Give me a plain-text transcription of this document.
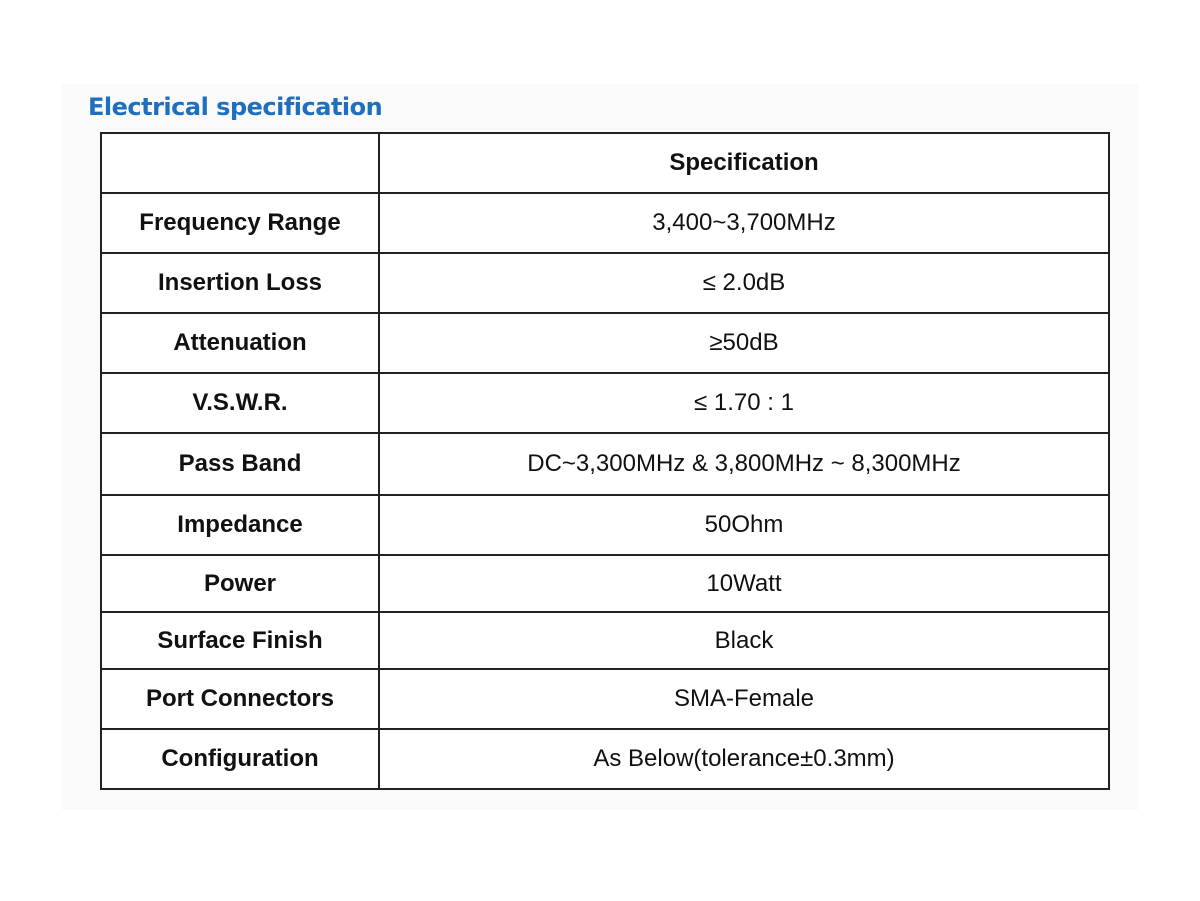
Electrical specification
	Specification
Frequency Range	3,400~3,700MHz
Insertion Loss	≤ 2.0dB
Attenuation	≥50dB
V.S.W.R.	≤ 1.70 : 1
Pass Band	DC~3,300MHz & 3,800MHz ~ 8,300MHz
Impedance	50Ohm
Power	10Watt
Surface Finish	Black
Port Connectors	SMA-Female
Configuration	As Below(tolerance±0.3mm)
